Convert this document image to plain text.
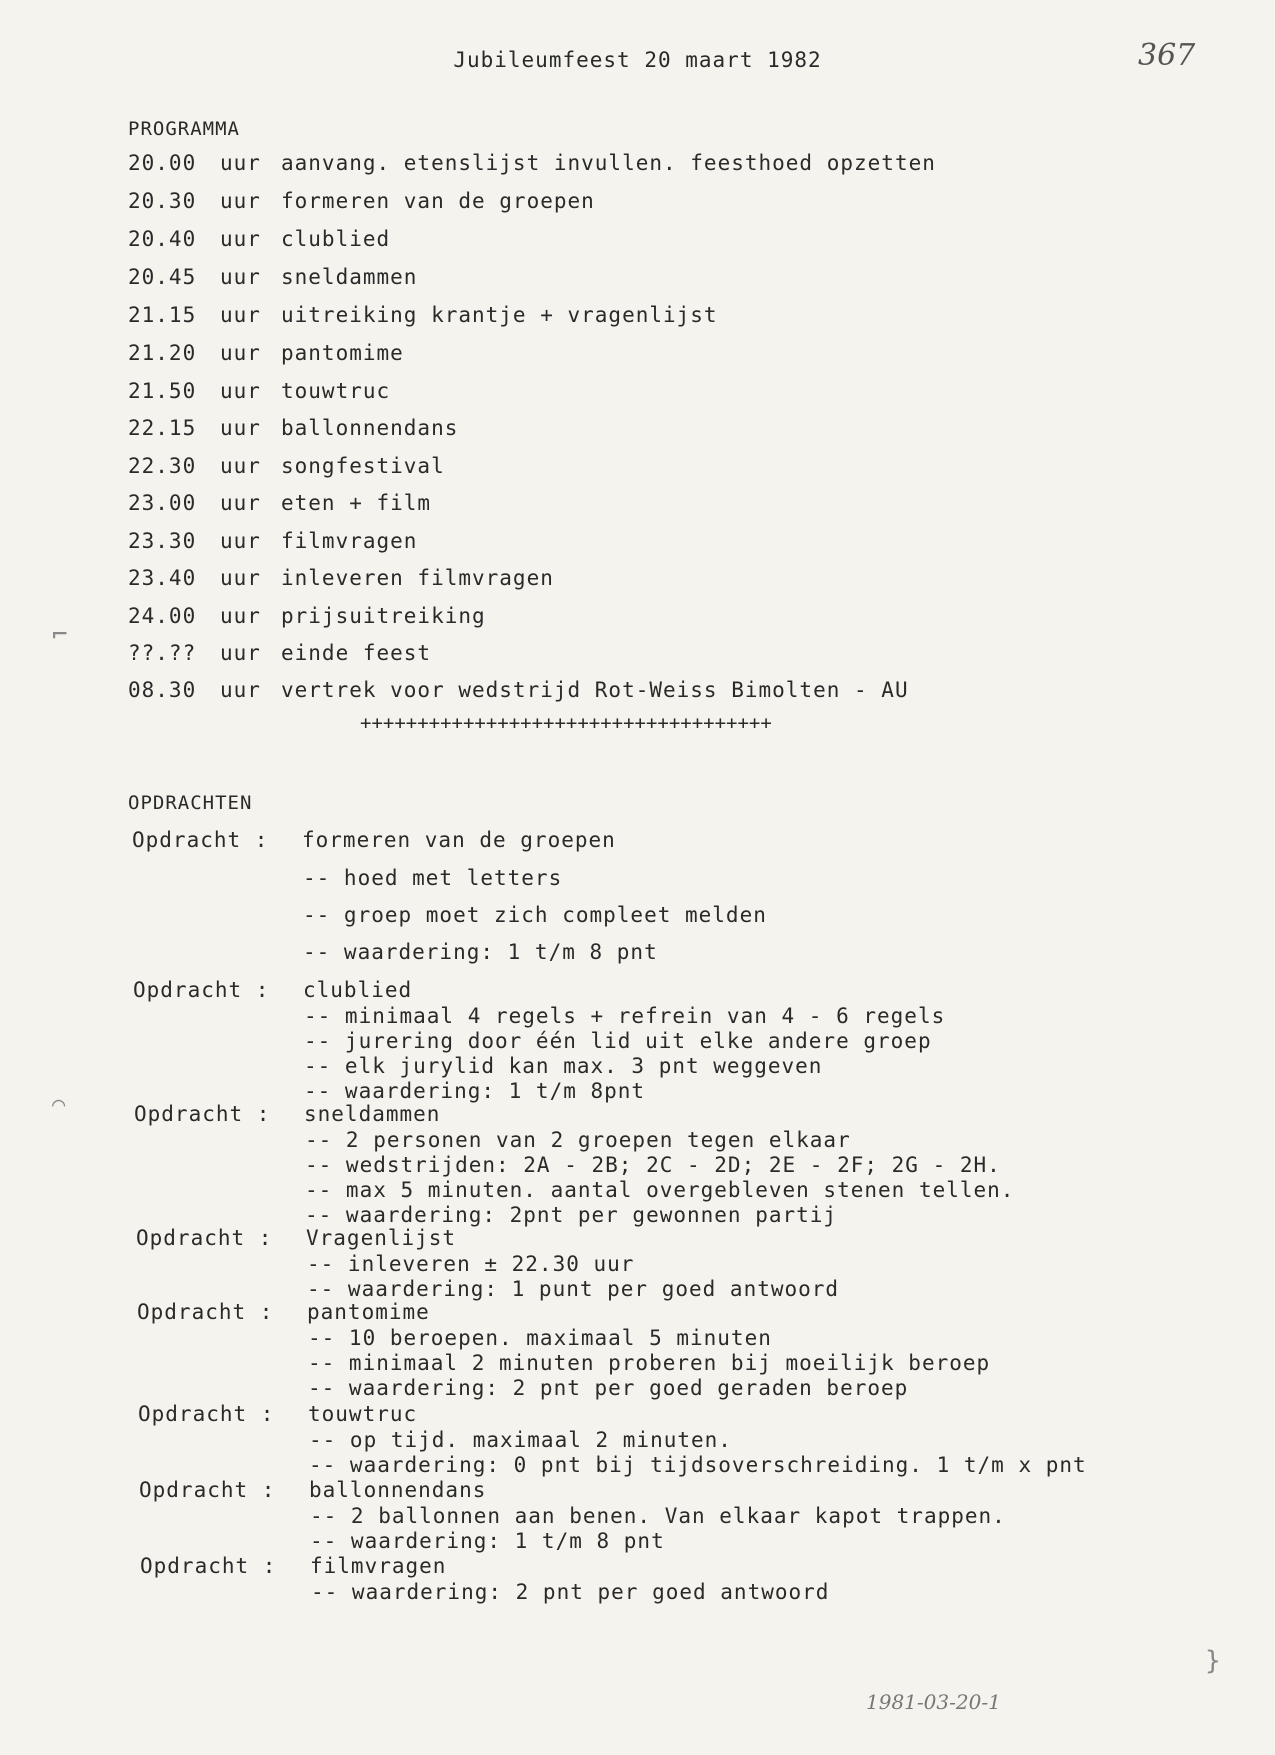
Jubileumfeest 20 maart 1982	367
PROGRAMMA
20.00 uur aanvang. etenslijst invullen. feesthoed opzetten
20.30 uur formeren van de groepen
20.40 uur clublied
20.45 uur sneldammen
21.15 uur uitreiking krantje + vragenlijst
21.20 uur pantomime
21.50 uur touwtruc
22.15 uur ballonnendans
22.30 uur songfestival
23.00 uur eten + film
23.30 uur filmvragen
23.40 uur inleveren filmvragen
24.00 uur prijsuitreiking
??.?? uur einde feest
08.30 uur vertrek voor wedstrijd Rot-Weiss Bimolten - AU
++++++++++++++++++++++++++++++++++++
OPDRACHTEN
Opdracht : formeren van de groepen
-- hoed met letters
-- groep moet zich compleet melden
-- waardering: 1 t/m 8 pnt
Opdracht : clublied
-- minimaal 4 regels + refrein van 4 - 6 regels
-- jurering door één lid uit elke andere groep
-- elk jurylid kan max. 3 pnt weggeven
-- waardering: 1 t/m 8pnt
Opdracht : sneldammen
-- 2 personen van 2 groepen tegen elkaar
-- wedstrijden: 2A - 2B; 2C - 2D; 2E - 2F; 2G - 2H.
-- max 5 minuten. aantal overgebleven stenen tellen.
-- waardering: 2pnt per gewonnen partij
Opdracht : Vragenlijst
-- inleveren ± 22.30 uur
-- waardering: 1 punt per goed antwoord
Opdracht : pantomime
-- 10 beroepen. maximaal 5 minuten
-- minimaal 2 minuten proberen bij moeilijk beroep
-- waardering: 2 pnt per goed geraden beroep
Opdracht : touwtruc
-- op tijd. maximaal 2 minuten.
-- waardering: 0 pnt bij tijdsoverschreiding. 1 t/m x pnt
Opdracht : ballonnendans
-- 2 ballonnen aan benen. Van elkaar kapot trappen.
-- waardering: 1 t/m 8 pnt
Opdracht : filmvragen
-- waardering: 2 pnt per goed antwoord
1981-03-20-1
⌐
⌒
}
